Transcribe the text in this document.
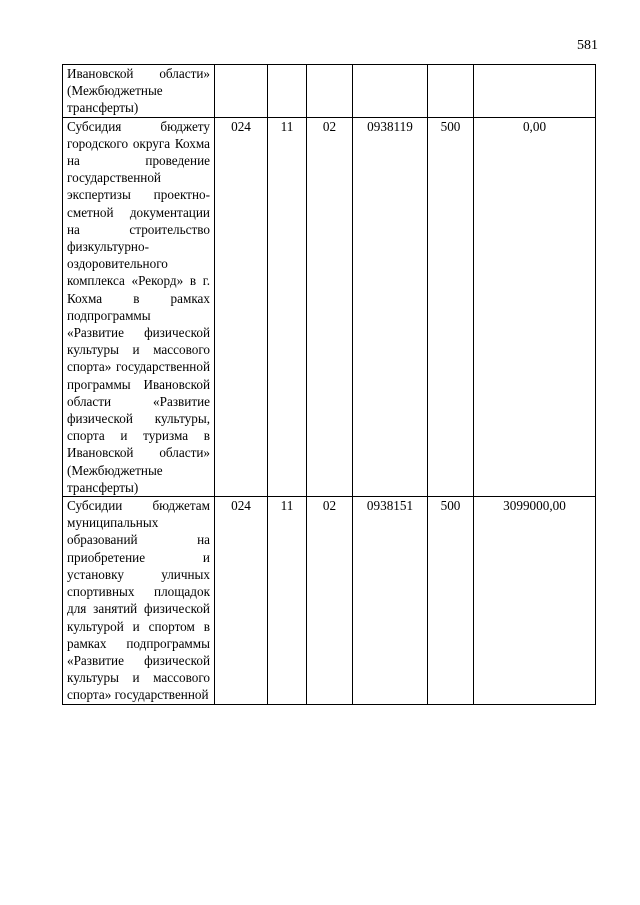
581
Ивановской области» (Межбюджетные трансферты)						
Субсидия бюджету городского округа Кохма на проведение государственной экспертизы проектно-сметной документации на строительство физкультурно-оздоровительного комплекса «Рекорд» в г. Кохма в рамках подпрограммы «Развитие физической культуры и массового спорта» государственной программы Ивановской области «Развитие физической культуры, спорта и туризма в Ивановской области» (Межбюджетные трансферты)	024	11	02	0938119	500	0,00
Субсидии бюджетам муниципальных образований на приобретение и установку уличных спортивных площадок для занятий физической культурой и спортом в рамках подпрограммы «Развитие физической культуры и массового спорта» государственной	024	11	02	0938151	500	3099000,00
